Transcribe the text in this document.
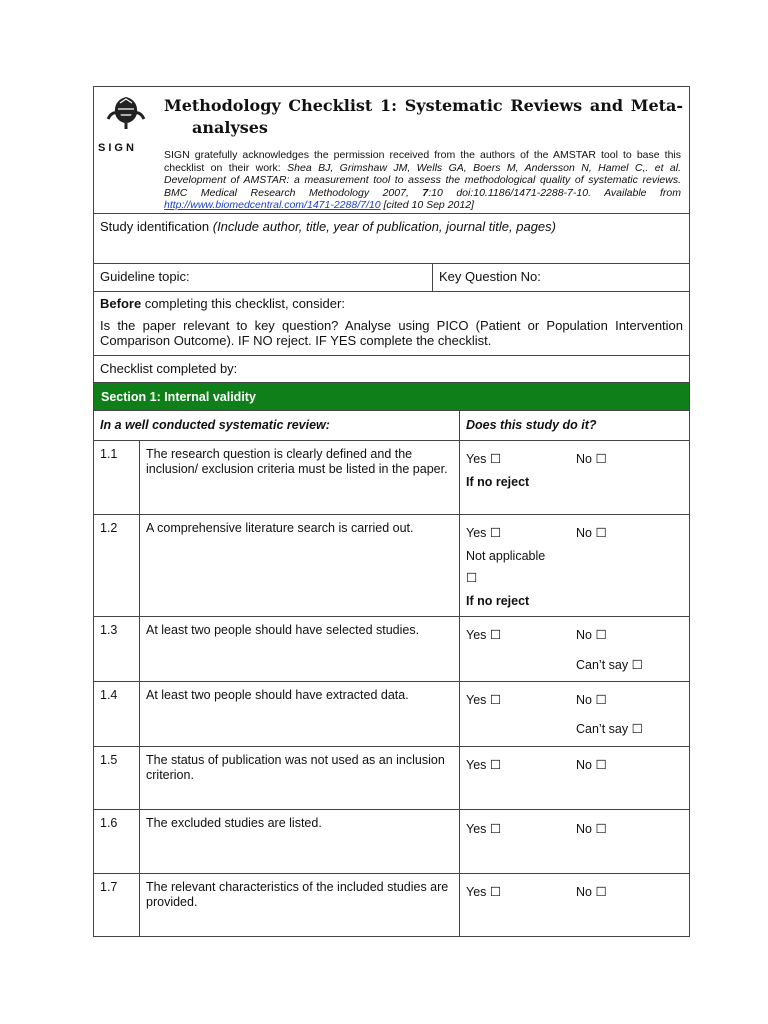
SIGN
Methodology Checklist 1: Systematic Reviews and Meta-
analyses
SIGN gratefully acknowledges the permission received from the authors of the AMSTAR tool to base this checklist on their work: Shea BJ, Grimshaw JM, Wells GA, Boers M, Andersson N, Hamel C,. et al. Development of AMSTAR: a measurement tool to assess the methodological quality of systematic reviews. BMC Medical Research Methodology 2007, 7:10 doi:10.1186/1471-2288-7-10. Available from http://www.biomedcentral.com/1471-2288/7/10 [cited 10 Sep 2012]		

Study identification (Include author, title, year of publication, journal title, pages)		

Guideline topic: Key Question No:		

Before completing this checklist, consider:
Is the paper relevant to key question? Analyse using PICO (Patient or Population Intervention Comparison Outcome). IF NO reject. IF YES complete the checklist.		

Checklist completed by:		

Section 1: Internal validity		

In a well conducted systematic review:		Does this study do it?

1.1	The research question is clearly defined and the inclusion/ exclusion criteria must be listed in the paper.	Yes ☐ No ☐
If no reject

1.2	A comprehensive literature search is carried out.	Yes ☐ No ☐
Not applicable
☐
If no reject

1.3	At least two people should have selected studies.	Yes ☐ No ☐
Can’t say ☐

1.4	At least two people should have extracted data.	Yes ☐ No ☐
Can’t say ☐

1.5	The status of publication was not used as an inclusion criterion.	Yes ☐ No ☐

1.6	The excluded studies are listed.	Yes ☐ No ☐

1.7	The relevant characteristics of the included studies are provided.	Yes ☐ No ☐
